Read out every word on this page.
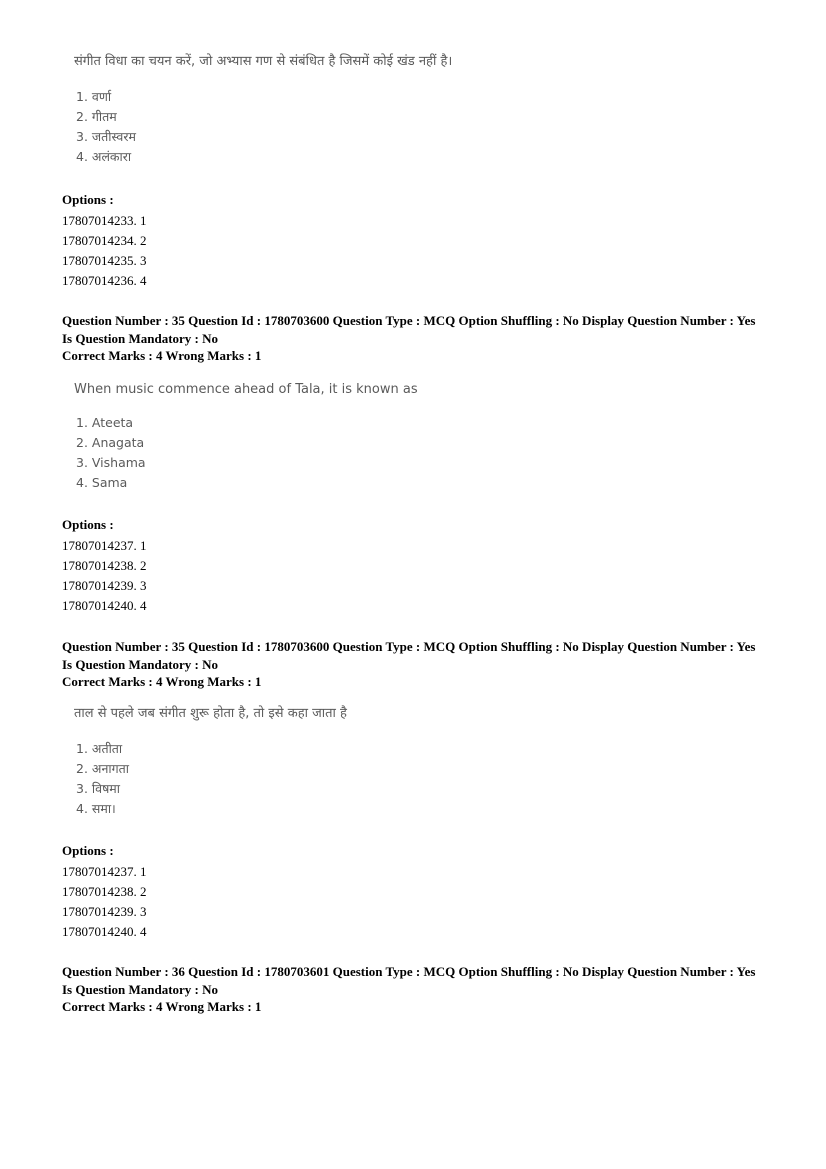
संगीत विधा का चयन करें, जो अभ्यास गण से संबंधित है जिसमें कोई खंड नहीं है।
1. वर्णा
2. गीतम
3. जतीस्वरम
4. अलंकारा
Options :
17807014233. 1
17807014234. 2
17807014235. 3
17807014236. 4
Question Number : 35 Question Id : 1780703600 Question Type : MCQ Option Shuffling : No Display Question Number : Yes
Is Question Mandatory : No
Correct Marks : 4 Wrong Marks : 1
When music commence ahead of Tala, it is known as
1. Ateeta
2. Anagata
3. Vishama
4. Sama
Options :
17807014237. 1
17807014238. 2
17807014239. 3
17807014240. 4
Question Number : 35 Question Id : 1780703600 Question Type : MCQ Option Shuffling : No Display Question Number : Yes
Is Question Mandatory : No
Correct Marks : 4 Wrong Marks : 1
ताल से पहले जब संगीत शुरू होता है, तो इसे कहा जाता है
1. अतीता
2. अनागता
3. विषमा
4. समा।
Options :
17807014237. 1
17807014238. 2
17807014239. 3
17807014240. 4
Question Number : 36 Question Id : 1780703601 Question Type : MCQ Option Shuffling : No Display Question Number : Yes
Is Question Mandatory : No
Correct Marks : 4 Wrong Marks : 1
